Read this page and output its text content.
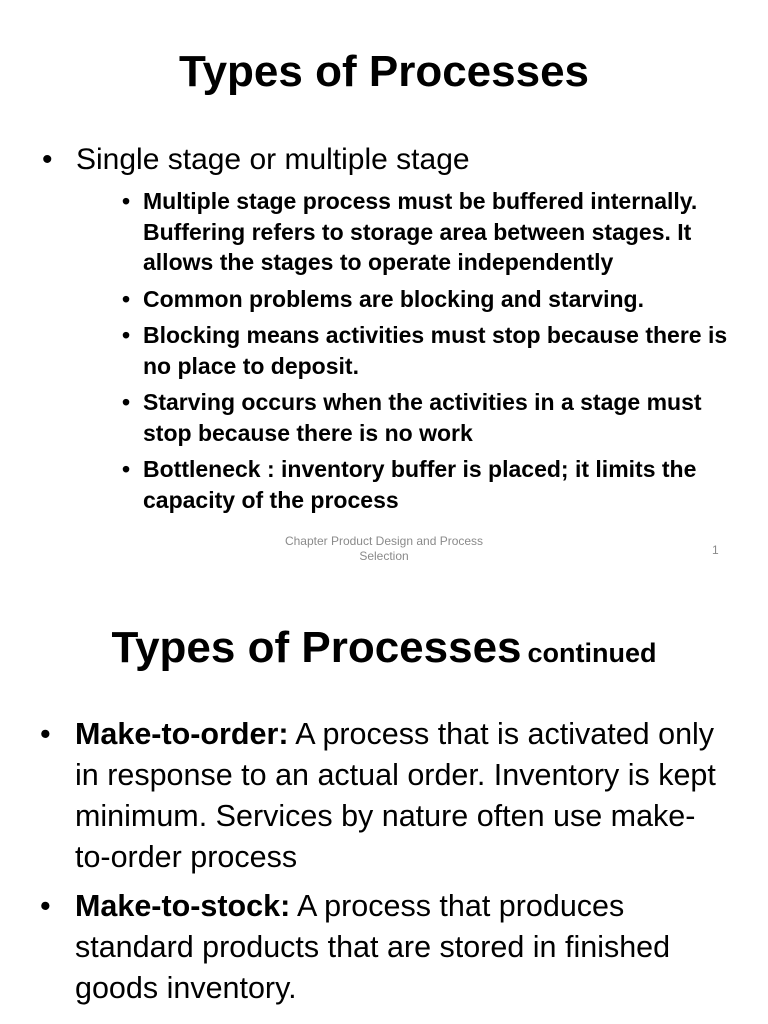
Types of Processes
• Single stage or multiple stage
• Multiple stage process must be buffered internally. Buffering refers to storage area between stages. It allows the stages to operate independently
• Common problems are blocking and starving.
• Blocking means activities must stop because there is no place to deposit.
• Starving occurs when the activities in a stage must stop because there is no work
• Bottleneck : inventory buffer is placed; it limits the capacity of the process
Chapter Product Design and Process
Selection	1
Types of Processes continued
• Make-to-order: A process that is activated only in response to an actual order. Inventory is kept minimum. Services by nature often use make-to-order process
• Make-to-stock: A process that produces standard products that are stored in finished goods inventory.
